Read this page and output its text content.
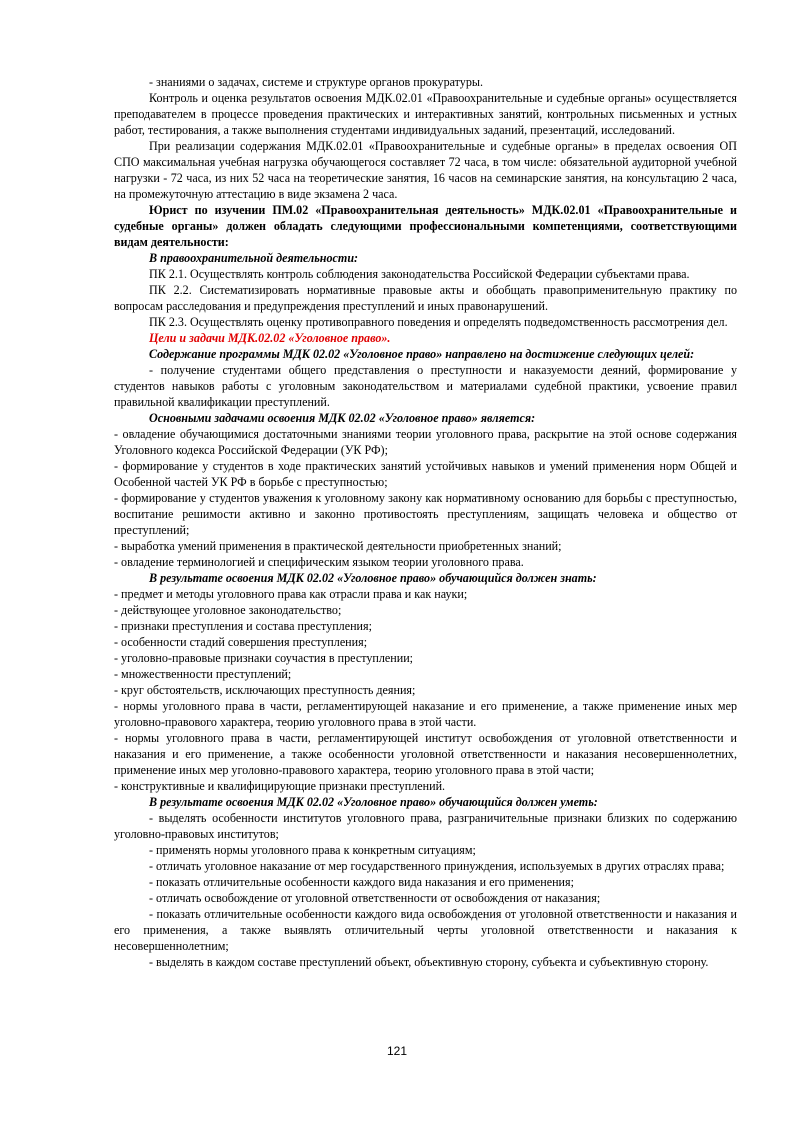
- знаниями о задачах, системе и структуре органов прокуратуры.

Контроль и оценка результатов освоения МДК.02.01 «Правоохранительные и судебные органы» осуществляется преподавателем в процессе проведения практических и интерактивных занятий, контрольных письменных и устных работ, тестирования, а также выполнения студентами индивидуальных заданий, презентаций, исследований.

При реализации содержания МДК.02.01 «Правоохранительные и судебные органы» в пределах освоения ОП СПО максимальная учебная нагрузка обучающегося составляет 72 часа, в том числе: обязательной аудиторной учебной нагрузки - 72 часа, из них 52 часа на теоретические занятия, 16 часов на семинарские занятия, на консультацию 2 часа, на промежуточную аттестацию в виде экзамена 2 часа.

Юрист по изучении ПМ.02 «Правоохранительная деятельность» МДК.02.01 «Правоохранительные и судебные органы» должен обладать следующими профессиональными компетенциями, соответствующими видам деятельности:

В правоохранительной деятельности:

ПК 2.1. Осуществлять контроль соблюдения законодательства Российской Федерации субъектами права.

ПК 2.2. Систематизировать нормативные правовые акты и обобщать правоприменительную практику по вопросам расследования и предупреждения преступлений и иных правонарушений.

ПК 2.3. Осуществлять оценку противоправного поведения и определять подведомственность рассмотрения дел.

Цели и задачи МДК.02.02 «Уголовное право».

Содержание программы МДК 02.02 «Уголовное право» направлено на достижение следующих целей:

- получение студентами общего представления о преступности и наказуемости деяний, формирование у студентов навыков работы с уголовным законодательством и материалами судебной практики, усвоение правил правильной квалификации преступлений.

Основными задачами освоения МДК 02.02 «Уголовное право» является:

- овладение обучающимися достаточными знаниями теории уголовного права, раскрытие на этой основе содержания Уголовного кодекса Российской Федерации (УК РФ);

- формирование у студентов в ходе практических занятий устойчивых навыков и умений применения норм Общей и Особенной частей УК РФ в борьбе с преступностью;

- формирование у студентов уважения к уголовному закону как нормативному основанию для борьбы с преступностью, воспитание решимости активно и законно противостоять преступлениям, защищать человека и общество от преступлений;

- выработка умений применения в практической деятельности приобретенных знаний;

- овладение терминологией и специфическим языком теории уголовного права.

В результате освоения МДК 02.02 «Уголовное право» обучающийся должен знать:

- предмет и методы уголовного права как отрасли права и как науки;

- действующее уголовное законодательство;

- признаки преступления и состава преступления;

- особенности стадий совершения преступления;

- уголовно-правовые признаки соучастия в преступлении;

- множественности преступлений;

- круг обстоятельств, исключающих преступность деяния;

- нормы уголовного права в части, регламентирующей наказание и его применение, а также применение иных мер уголовно-правового характера, теорию уголовного права в этой части.

- нормы уголовного права в части, регламентирующей институт освобождения от уголовной ответственности и наказания и его применение, а также особенности уголовной ответственности и наказания несовершеннолетних, применение иных мер уголовно-правового характера, теорию уголовного права в этой части;

- конструктивные и квалифицирующие признаки преступлений.

В результате освоения МДК 02.02 «Уголовное право» обучающийся должен уметь:

- выделять особенности институтов уголовного права, разграничительные признаки близких по содержанию уголовно-правовых институтов;

- применять нормы уголовного права к конкретным ситуациям;

- отличать уголовное наказание от мер государственного принуждения, используемых в других отраслях права;

- показать отличительные особенности каждого вида наказания и его применения;

- отличать освобождение от уголовной ответственности от освобождения от наказания;

- показать отличительные особенности каждого вида освобождения от уголовной ответственности и наказания и его применения, а также выявлять отличительный черты уголовной ответственности и наказания к несовершеннолетним;

- выделять в каждом составе преступлений объект, объективную сторону, субъекта и субъективную сторону.

121
